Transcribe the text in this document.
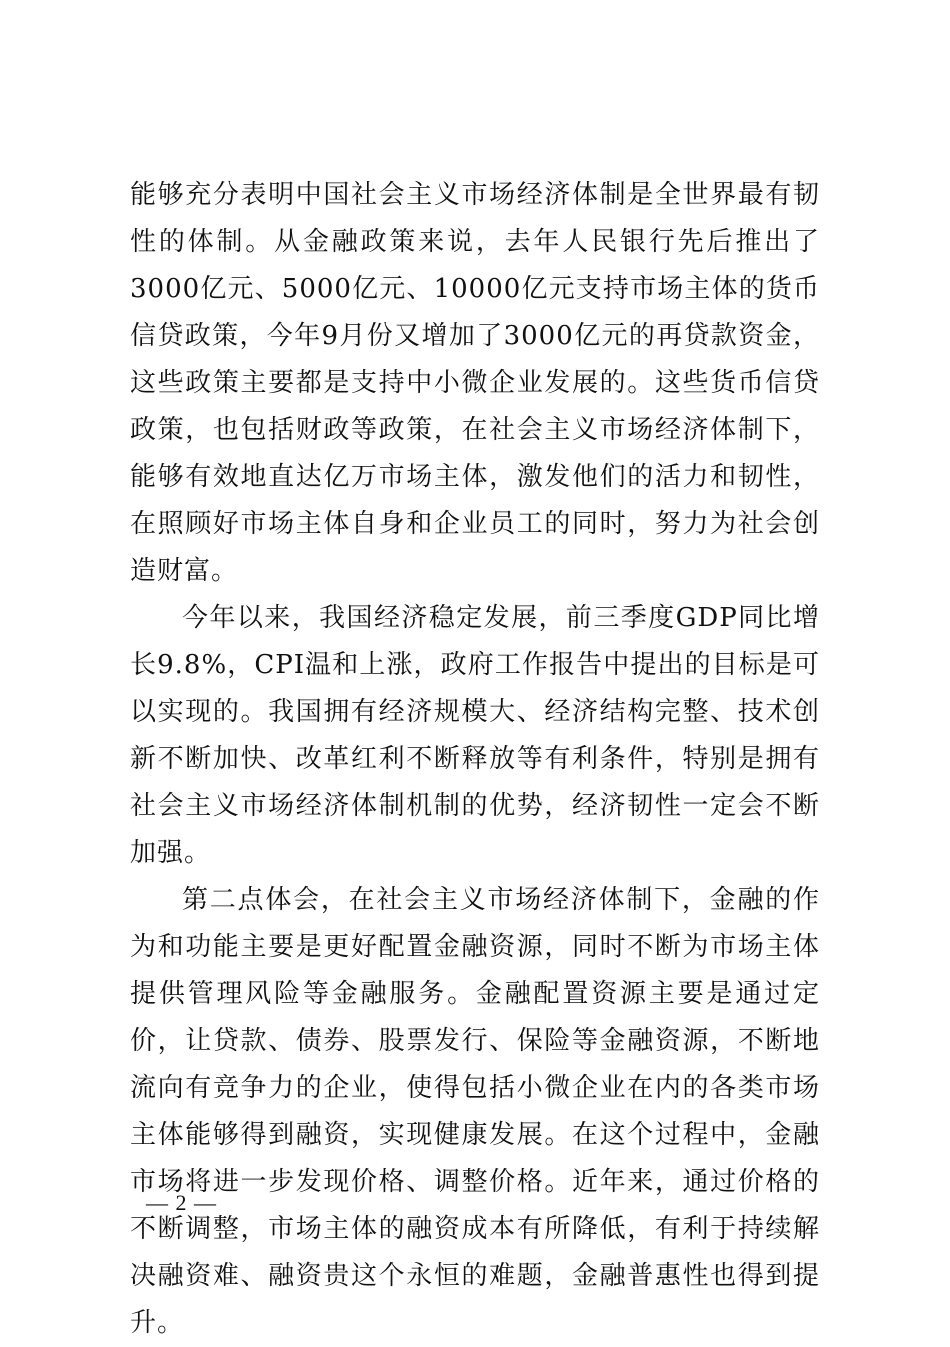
能够充分表明中国社会主义市场经济体制是全世界最有韧性的体制。从金融政策来说，去年人民银行先后推出了3000亿元、5000亿元、10000亿元支持市场主体的货币信贷政策，今年9月份又增加了3000亿元的再贷款资金，这些政策主要都是支持中小微企业发展的。这些货币信贷政策，也包括财政等政策，在社会主义市场经济体制下，能够有效地直达亿万市场主体，激发他们的活力和韧性，在照顾好市场主体自身和企业员工的同时，努力为社会创造财富。

今年以来，我国经济稳定发展，前三季度GDP同比增长9.8%，CPI温和上涨，政府工作报告中提出的目标是可以实现的。我国拥有经济规模大、经济结构完整、技术创新不断加快、改革红利不断释放等有利条件，特别是拥有社会主义市场经济体制机制的优势，经济韧性一定会不断加强。

第二点体会，在社会主义市场经济体制下，金融的作为和功能主要是更好配置金融资源，同时不断为市场主体提供管理风险等金融服务。金融配置资源主要是通过定价，让贷款、债券、股票发行、保险等金融资源，不断地流向有竞争力的企业，使得包括小微企业在内的各类市场主体能够得到融资，实现健康发展。在这个过程中，金融市场将进一步发现价格、调整价格。近年来，通过价格的不断调整，市场主体的融资成本有所降低，有利于持续解决融资难、融资贵这个永恒的难题，金融普惠性也得到提升。

— 2 —
